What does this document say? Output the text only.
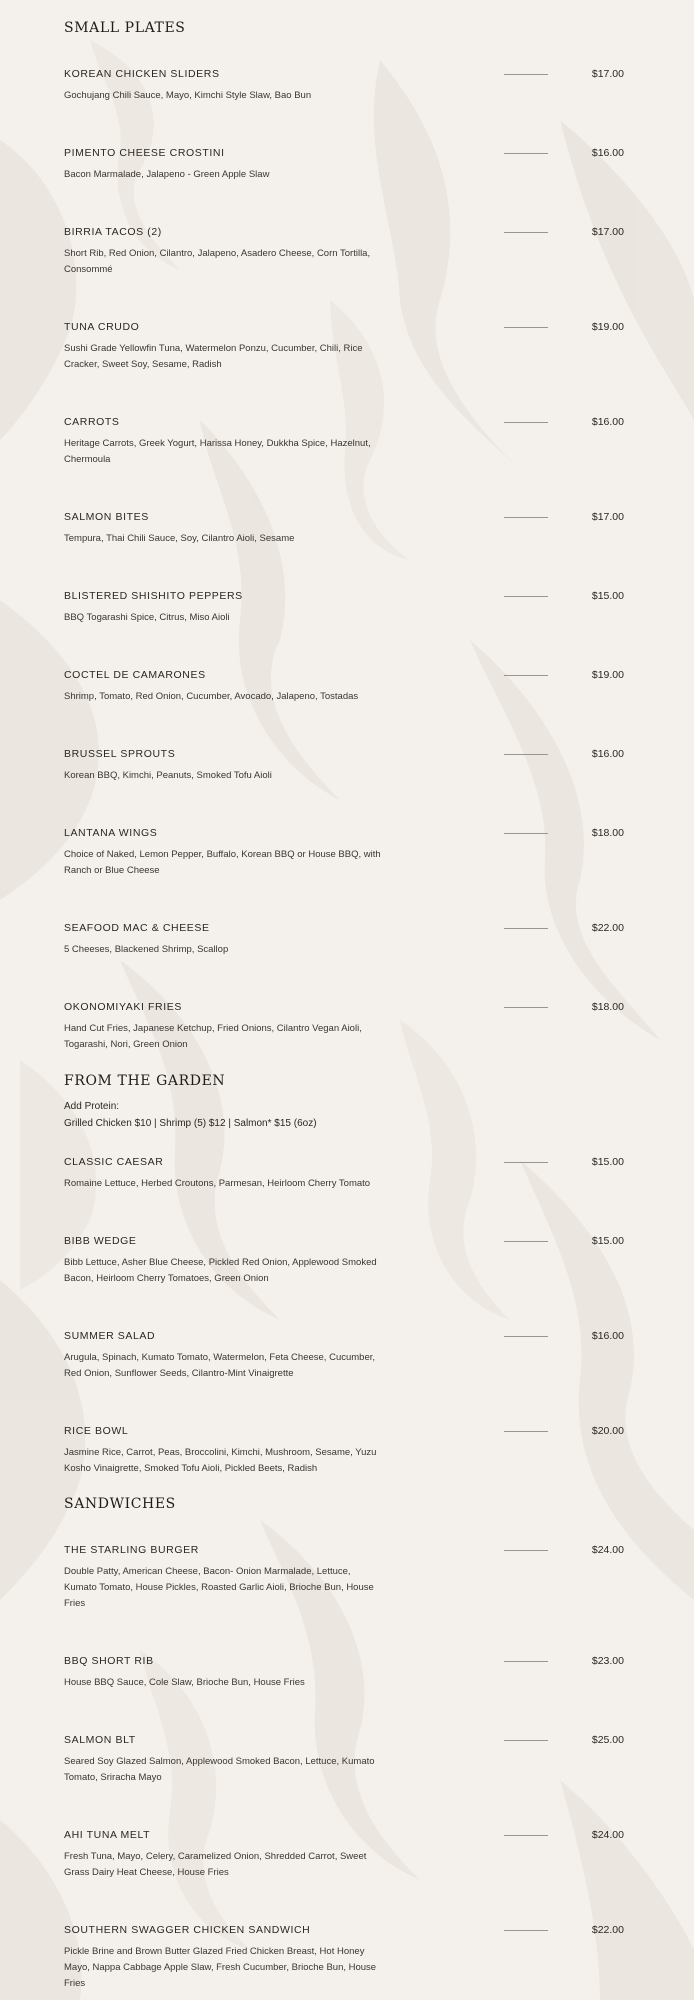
SMALL PLATES
KOREAN CHICKEN SLIDERS
Gochujang Chili Sauce, Mayo, Kimchi Style Slaw, Bao Bun
$17.00
PIMENTO CHEESE CROSTINI
Bacon Marmalade, Jalapeno - Green Apple Slaw
$16.00
BIRRIA TACOS (2)
Short Rib, Red Onion, Cilantro, Jalapeno, Asadero Cheese, Corn Tortilla, Consommé
$17.00
TUNA CRUDO
Sushi Grade Yellowfin Tuna, Watermelon Ponzu, Cucumber, Chili, Rice Cracker, Sweet Soy, Sesame, Radish
$19.00
CARROTS
Heritage Carrots, Greek Yogurt, Harissa Honey, Dukkha Spice, Hazelnut, Chermoula
$16.00
SALMON BITES
Tempura, Thai Chili Sauce, Soy, Cilantro Aioli, Sesame
$17.00
BLISTERED SHISHITO PEPPERS
BBQ Togarashi Spice, Citrus, Miso Aioli
$15.00
COCTEL DE CAMARONES
Shrimp, Tomato, Red Onion, Cucumber, Avocado, Jalapeno, Tostadas
$19.00
BRUSSEL SPROUTS
Korean BBQ, Kimchi, Peanuts, Smoked Tofu Aioli
$16.00
LANTANA WINGS
Choice of Naked, Lemon Pepper, Buffalo, Korean BBQ or House BBQ, with Ranch or Blue Cheese
$18.00
SEAFOOD MAC & CHEESE
5 Cheeses, Blackened Shrimp, Scallop
$22.00
OKONOMIYAKI FRIES
Hand Cut Fries, Japanese Ketchup, Fried Onions, Cilantro Vegan Aioli, Togarashi, Nori, Green Onion
$18.00
FROM THE GARDEN
Add Protein:
Grilled Chicken $10 | Shrimp (5) $12 | Salmon* $15 (6oz)
CLASSIC CAESAR
Romaine Lettuce, Herbed Croutons, Parmesan, Heirloom Cherry Tomato
$15.00
BIBB WEDGE
Bibb Lettuce, Asher Blue Cheese, Pickled Red Onion, Applewood Smoked Bacon, Heirloom Cherry Tomatoes, Green Onion
$15.00
SUMMER SALAD
Arugula, Spinach, Kumato Tomato, Watermelon, Feta Cheese, Cucumber, Red Onion, Sunflower Seeds, Cilantro-Mint Vinaigrette
$16.00
RICE BOWL
Jasmine Rice, Carrot, Peas, Broccolini, Kimchi, Mushroom, Sesame, Yuzu Kosho Vinaigrette, Smoked Tofu Aioli, Pickled Beets, Radish
$20.00
SANDWICHES
THE STARLING BURGER
Double Patty, American Cheese, Bacon- Onion Marmalade, Lettuce, Kumato Tomato, House Pickles, Roasted Garlic Aioli, Brioche Bun, House Fries
$24.00
BBQ SHORT RIB
House BBQ Sauce, Cole Slaw, Brioche Bun, House Fries
$23.00
SALMON BLT
Seared Soy Glazed Salmon, Applewood Smoked Bacon, Lettuce, Kumato Tomato, Sriracha Mayo
$25.00
AHI TUNA MELT
Fresh Tuna, Mayo, Celery, Caramelized Onion, Shredded Carrot, Sweet Grass Dairy Heat Cheese, House Fries
$24.00
SOUTHERN SWAGGER CHICKEN SANDWICH
Pickle Brine and Brown Butter Glazed Fried Chicken Breast, Hot Honey Mayo, Nappa Cabbage Apple Slaw, Fresh Cucumber, Brioche Bun, House Fries
$22.00
